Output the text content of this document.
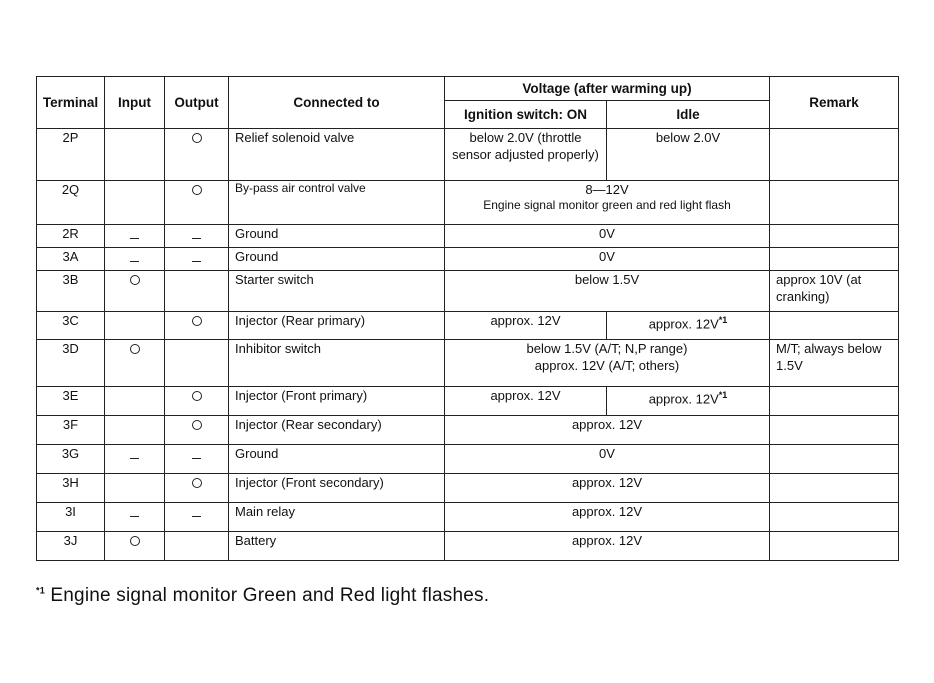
Terminal	Input	Output	Connected to	Voltage (after warming up)		Remark
				Ignition switch: ON	Idle	
2P			Relief solenoid valve	below 2.0V (throttle sensor adjusted properly)	below 2.0V	
2Q			By-pass air control valve	8—12V
Engine signal monitor green and red light flash		

2R			Ground	0V		

3A			Ground	0V		

3B			Starter switch	below 1.5V		approx 10V (at cranking)
3C			Injector (Rear primary)	approx. 12V	approx. $12V^{*1}$	
3D			Inhibitor switch	below 1.5V (A/T; N,P range)
approx. 12V (A/T; others)		M/T; always below 1.5V
3E			Injector (Front primary)	approx. 12V	approx. $12V^{*1}$	
3F			Injector (Rear secondary)	approx. 12V		

3G			Ground	0V		

3H			Injector (Front secondary)	approx. 12V		

3I			Main relay	approx. 12V		

3J			Battery	approx. 12V		

$^{*1}$ Engine signal monitor Green and Red light flashes.
